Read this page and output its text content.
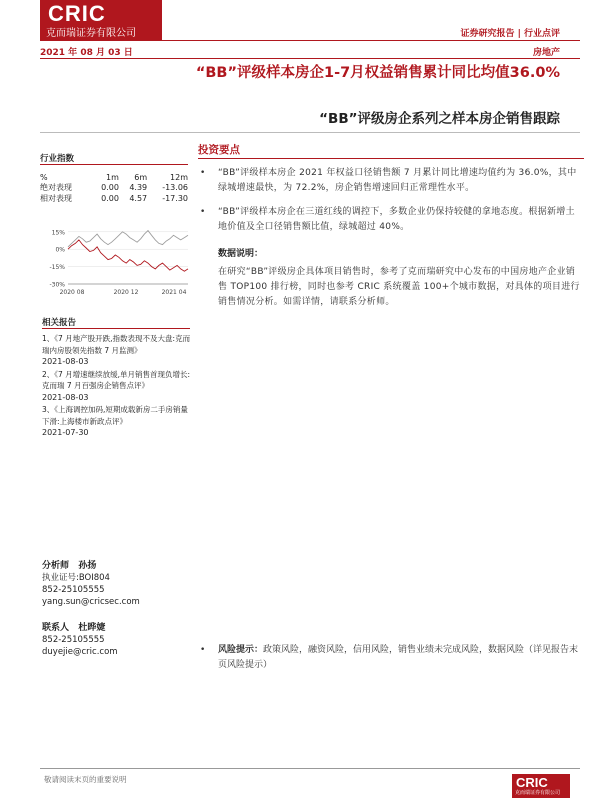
CRIC
克而瑞证券有限公司	证券研究报告 | 行业点评
2021 年 08 月 03 日	房地产
“BB”评级样本房企1-7月权益销售累计同比均值36.0%
“BB”评级房企系列之样本房企销售跟踪
行业指数
%	1m	6m	12m
绝对表现	0.00	4.39	-13.06
相对表现	0.00	4.57	-17.30
15%
0%
-15%
-30%
2020 08	2020 12	2021 04
相关报告
1、《7 月地产股开跌,指数表现不及大盘:克而瑞内房股领先指数 7 月监测》
2021-08-03
2、《7 月增速继续放缓,单月销售首现负增长:克而瑞 7 月百强房企销售点评》
2021-08-03
3、《上海调控加码,短期成载新房二手房销量下滑:上海楼市新政点评》
2021-07-30
分析师 孙扬
执业证号:BOI804
852-25105555
yang.sun@cricsec.com
联系人 杜晔婕
852-25105555
duyejie@cric.com
投资要点
• “BB”评级样本房企 2021 年权益口径销售额 7 月累计同比增速均值约为 36.0%，其中绿城增速最快，为 72.2%，房企销售增速回归正常理性水平。
• “BB”评级样本房企在三道红线的调控下，多数企业仍保持较健的拿地态度。根据新增土地价值及全口径销售额比值，绿城超过 40%。
数据说明：
在研究“BB”评级房企具体项目销售时，参考了克而瑞研究中心发布的中国房地产企业销售 TOP100 排行榜，同时也参考 CRIC 系统覆盖 100+个城市数据，对具体的项目进行销售情况分析。如需详情，请联系分析师。
• 风险提示：政策风险，融资风险，信用风险，销售业绩未完成风险，数据风险（详见报告末页风险提示）
敬请阅读末页的重要说明	CRIC
克而瑞证券有限公司
